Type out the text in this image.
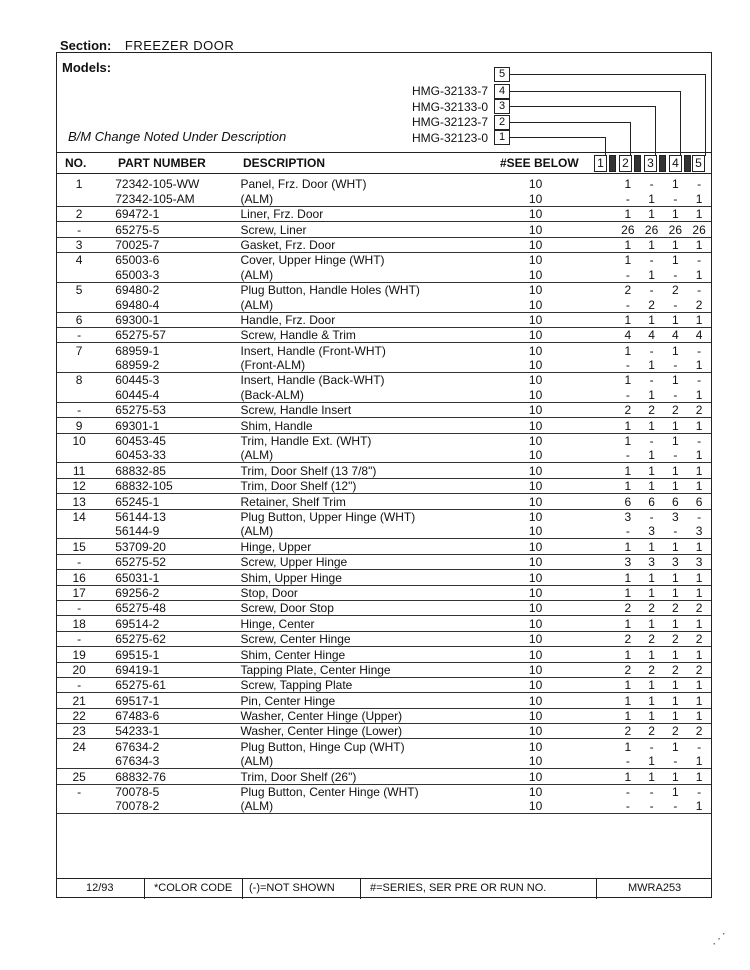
Section: FREEZER DOOR
Models:	5
HMG-32133-7
HMG-32133-0
HMG-32123-7
HMG-32123-0
4
3
2
1
B/M Change Noted Under Description
NO.	PART NUMBER	DESCRIPTION	#SEE BELOW 1 2 3 4 5
1	72342-105-WW	Panel, Frz. Door (WHT)	10	1	-	1	-	
	72342-105-AM	(ALM)	10	-	1	-	1	
2	69472-1	Liner, Frz. Door	10	1	1	1	1	
-	65275-5	Screw, Liner	10	26	26	26	26	
3	70025-7	Gasket, Frz. Door	10	1	1	1	1	
4	65003-6	Cover, Upper Hinge (WHT)	10	1	-	1	-	
	65003-3	(ALM)	10	-	1	-	1	
5	69480-2	Plug Button, Handle Holes (WHT)	10	2	-	2	-	
	69480-4	(ALM)	10	-	2	-	2	
6	69300-1	Handle, Frz. Door	10	1	1	1	1	
-	65275-57	Screw, Handle & Trim	10	4	4	4	4	
7	68959-1	Insert, Handle (Front-WHT)	10	1	-	1	-	
	68959-2	(Front-ALM)	10	-	1	-	1	
8	60445-3	Insert, Handle (Back-WHT)	10	1	-	1	-	
	60445-4	(Back-ALM)	10	-	1	-	1	
-	65275-53	Screw, Handle Insert	10	2	2	2	2	
9	69301-1	Shim, Handle	10	1	1	1	1	
10	60453-45	Trim, Handle Ext. (WHT)	10	1	-	1	-	
	60453-33	(ALM)	10	-	1	-	1	
11	68832-85	Trim, Door Shelf (13 7/8")	10	1	1	1	1	
12	68832-105	Trim, Door Shelf (12")	10	1	1	1	1	
13	65245-1	Retainer, Shelf Trim	10	6	6	6	6	
14	56144-13	Plug Button, Upper Hinge (WHT)	10	3	-	3	-	
	56144-9	(ALM)	10	-	3	-	3	
15	53709-20	Hinge, Upper	10	1	1	1	1	
-	65275-52	Screw, Upper Hinge	10	3	3	3	3	
16	65031-1	Shim, Upper Hinge	10	1	1	1	1	
17	69256-2	Stop, Door	10	1	1	1	1	
-	65275-48	Screw, Door Stop	10	2	2	2	2	
18	69514-2	Hinge, Center	10	1	1	1	1	
-	65275-62	Screw, Center Hinge	10	2	2	2	2	
19	69515-1	Shim, Center Hinge	10	1	1	1	1	
20	69419-1	Tapping Plate, Center Hinge	10	2	2	2	2	
-	65275-61	Screw, Tapping Plate	10	1	1	1	1	
21	69517-1	Pin, Center Hinge	10	1	1	1	1	
22	67483-6	Washer, Center Hinge (Upper)	10	1	1	1	1	
23	54233-1	Washer, Center Hinge (Lower)	10	2	2	2	2	
24	67634-2	Plug Button, Hinge Cup (WHT)	10	1	-	1	-	
	67634-3	(ALM)	10	-	1	-	1	
25	68832-76	Trim, Door Shelf (26")	10	1	1	1	1	
-	70078-5	Plug Button, Center Hinge (WHT)	10	-	-	1	-	
	70078-2	(ALM)	10	-	-	-	1	
12/93	*COLOR CODE (-)=NOT SHOWN	#=SERIES, SER PRE OR RUN NO.	MWRA253
⋰
